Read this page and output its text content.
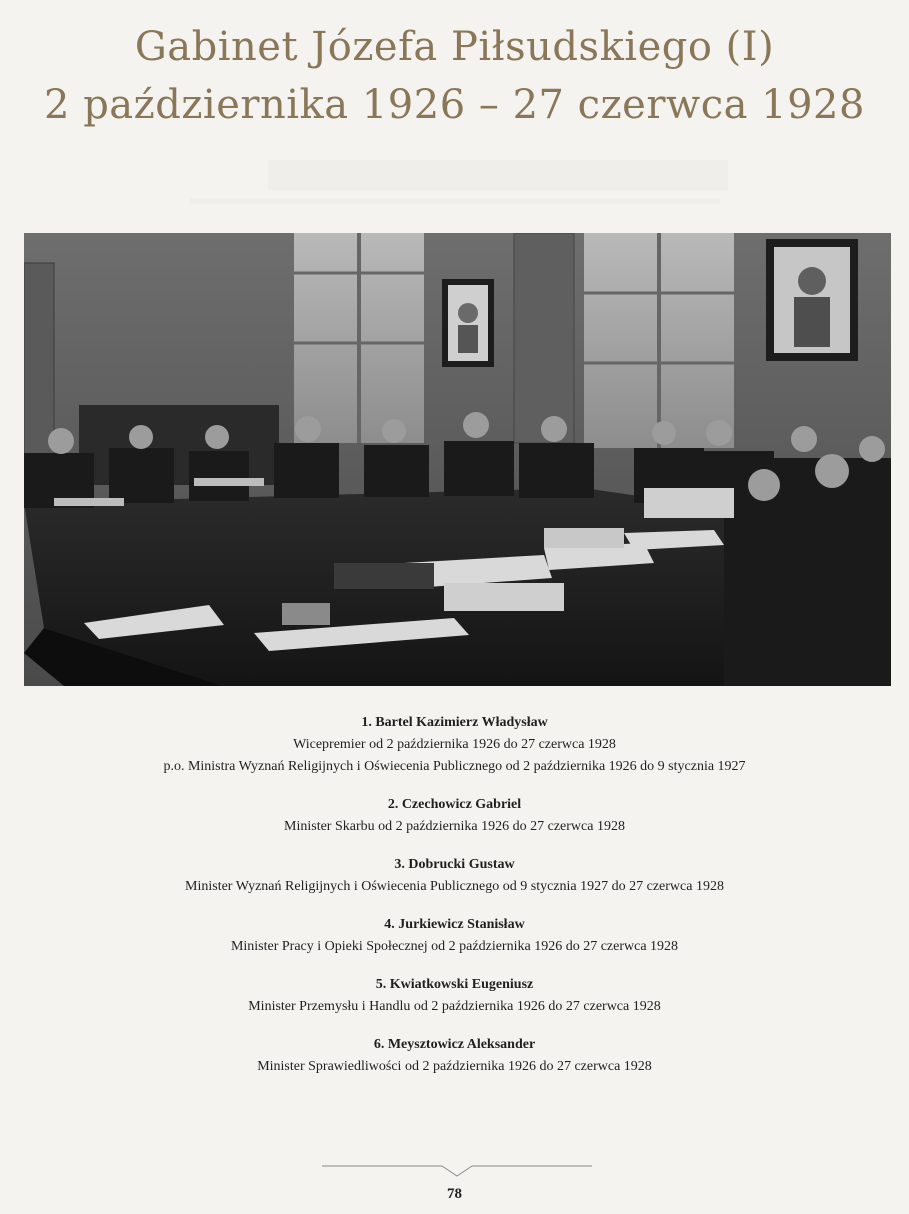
Gabinet Józefa Piłsudskiego (I)
2 października 1926 – 27 czerwca 1928
1. Bartel Kazimierz Władysław
Wicepremier od 2 października 1926 do 27 czerwca 1928
p.o. Ministra Wyznań Religijnych i Oświecenia Publicznego od 2 października 1926 do 9 stycznia 1927
2. Czechowicz Gabriel
Minister Skarbu od 2 października 1926 do 27 czerwca 1928
3. Dobrucki Gustaw
Minister Wyznań Religijnych i Oświecenia Publicznego od 9 stycznia 1927 do 27 czerwca 1928
4. Jurkiewicz Stanisław
Minister Pracy i Opieki Społecznej od 2 października 1926 do 27 czerwca 1928
5. Kwiatkowski Eugeniusz
Minister Przemysłu i Handlu od 2 października 1926 do 27 czerwca 1928
6. Meysztowicz Aleksander
Minister Sprawiedliwości od 2 października 1926 do 27 czerwca 1928
78
